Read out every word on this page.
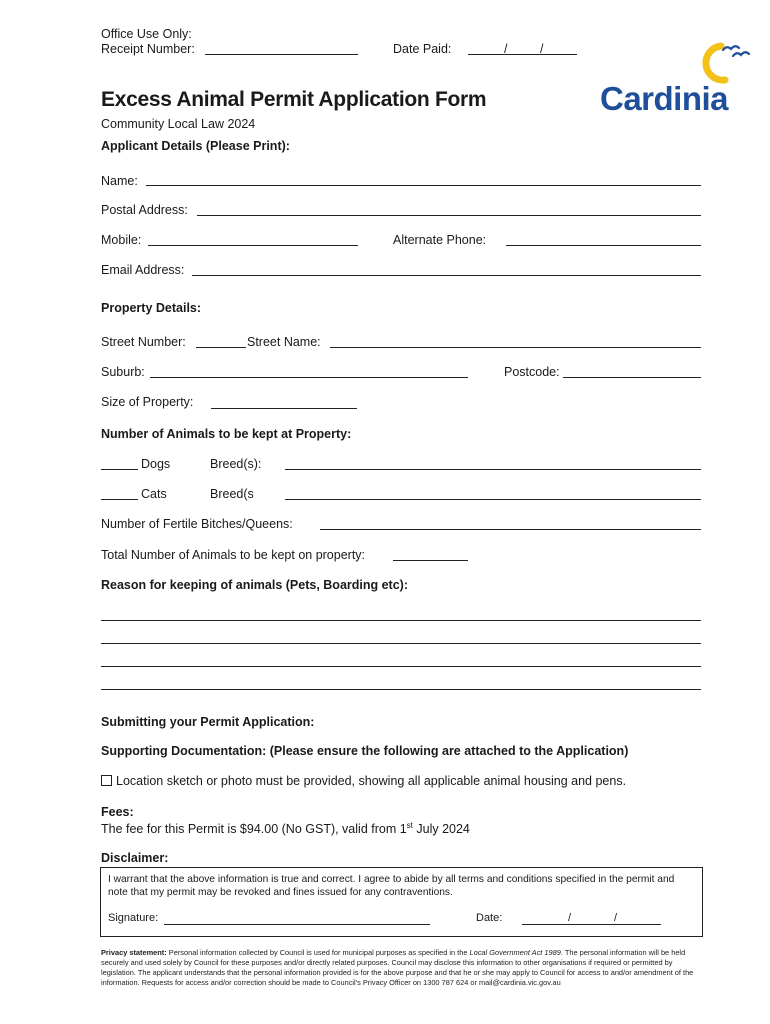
Office Use Only:
Receipt Number:	Date Paid:	/	/
Cardinia
Excess Animal Permit Application Form
Community Local Law 2024
Applicant Details (Please Print):
Name:
Postal Address:
Mobile:	Alternate Phone:
Email Address:
Property Details:
Street Number:	Street Name:
Suburb:	Postcode:
Size of Property:
Number of Animals to be kept at Property:
Dogs	Breed(s):
Cats	Breed(s
Number of Fertile Bitches/Queens:
Total Number of Animals to be kept on property:
Reason for keeping of animals (Pets, Boarding etc):
Submitting your Permit Application:
Supporting Documentation: (Please ensure the following are attached to the Application)
Location sketch or photo must be provided, showing all applicable animal housing and pens.
Fees:
The fee for this Permit is $94.00 (No GST), valid from 1st July 2024
Disclaimer:
I warrant that the above information is true and correct. I agree to abide by all terms and conditions specified in the permit and note that my permit may be revoked and fines issued for any contraventions.
Signature:	Date:	/	/
Privacy statement: Personal information collected by Council is used for municipal purposes as specified in the Local Government Act 1989. The personal information will be held securely and used solely by Council for these purposes and/or directly related purposes. Council may disclose this information to other organisations if required or permitted by legislation. The applicant understands that the personal information provided is for the above purpose and that he or she may apply to Council for access to and/or amendment of the information. Requests for access and/or correction should be made to Council's Privacy Officer on 1300 787 624 or mail@cardinia.vic.gov.au
